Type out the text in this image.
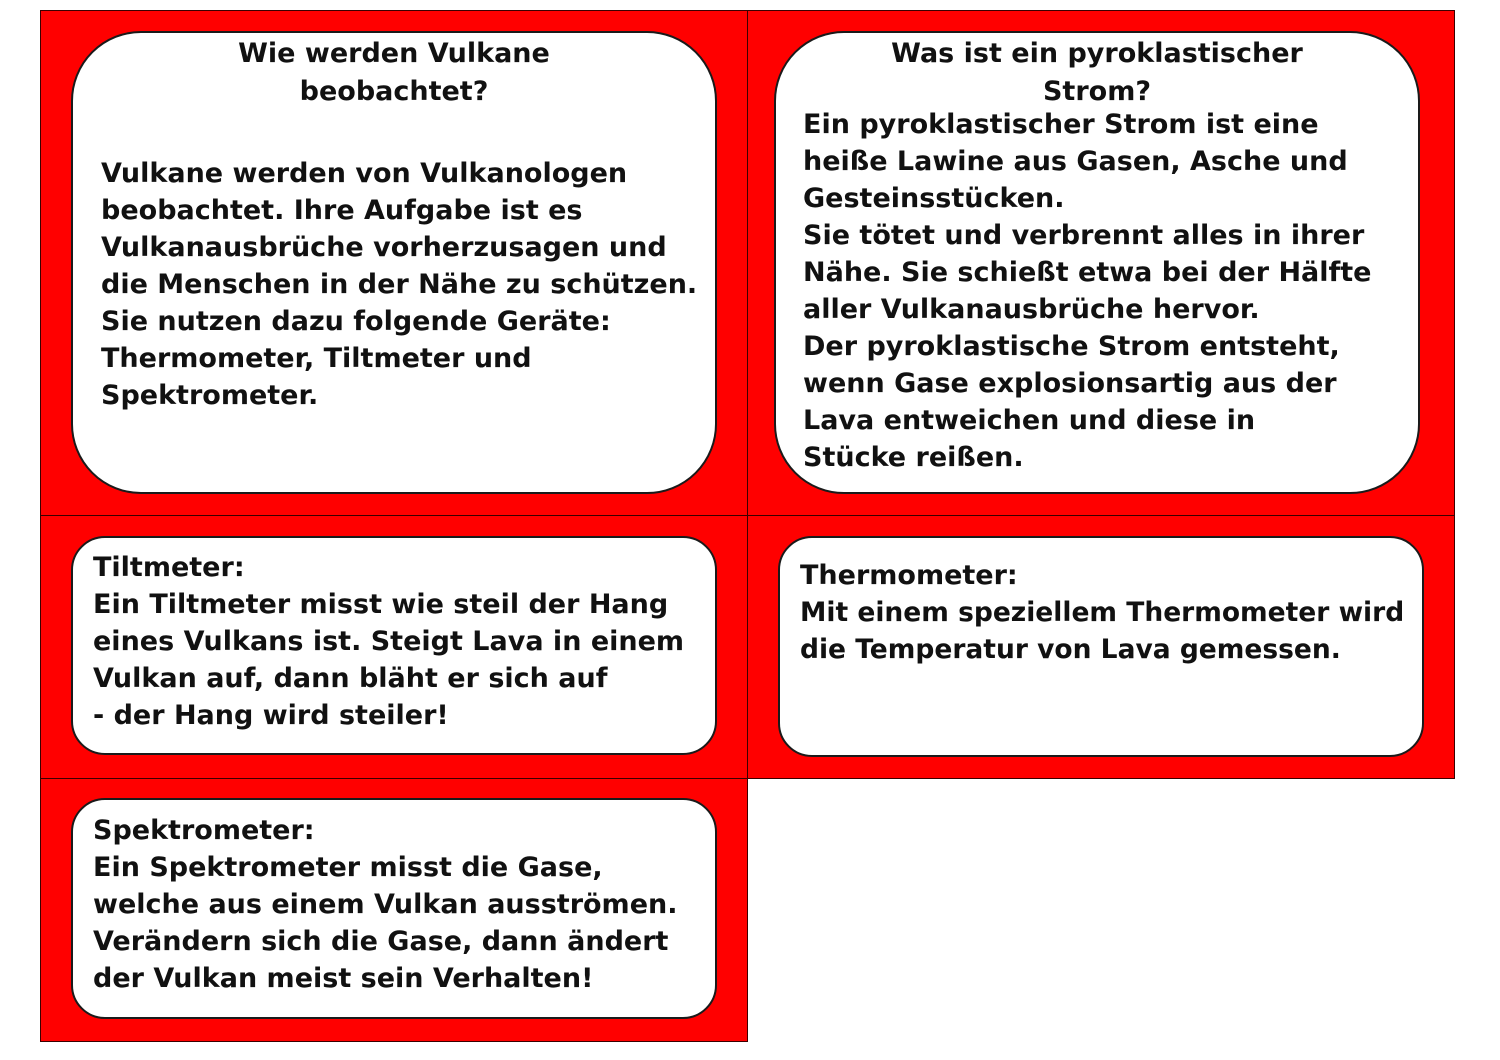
Wie werden Vulkane
beobachtet?
Vulkane werden von Vulkanologen
beobachtet. Ihre Aufgabe ist es
Vulkanausbrüche vorherzusagen und
die Menschen in der Nähe zu schützen.
Sie nutzen dazu folgende Geräte:
Thermometer, Tiltmeter und
Spektrometer.
Was ist ein pyroklastischer
Strom?
Ein pyroklastischer Strom ist eine
heiße Lawine aus Gasen, Asche und
Gesteinsstücken.
Sie tötet und verbrennt alles in ihrer
Nähe. Sie schießt etwa bei der Hälfte
aller Vulkanausbrüche hervor.
Der pyroklastische Strom entsteht,
wenn Gase explosionsartig aus der
Lava entweichen und diese in
Stücke reißen.
Tiltmeter:
Ein Tiltmeter misst wie steil der Hang
eines Vulkans ist. Steigt Lava in einem
Vulkan auf, dann bläht er sich auf
- der Hang wird steiler!
Thermometer:
Mit einem speziellem Thermometer wird
die Temperatur von Lava gemessen.
Spektrometer:
Ein Spektrometer misst die Gase,
welche aus einem Vulkan ausströmen.
Verändern sich die Gase, dann ändert
der Vulkan meist sein Verhalten!
